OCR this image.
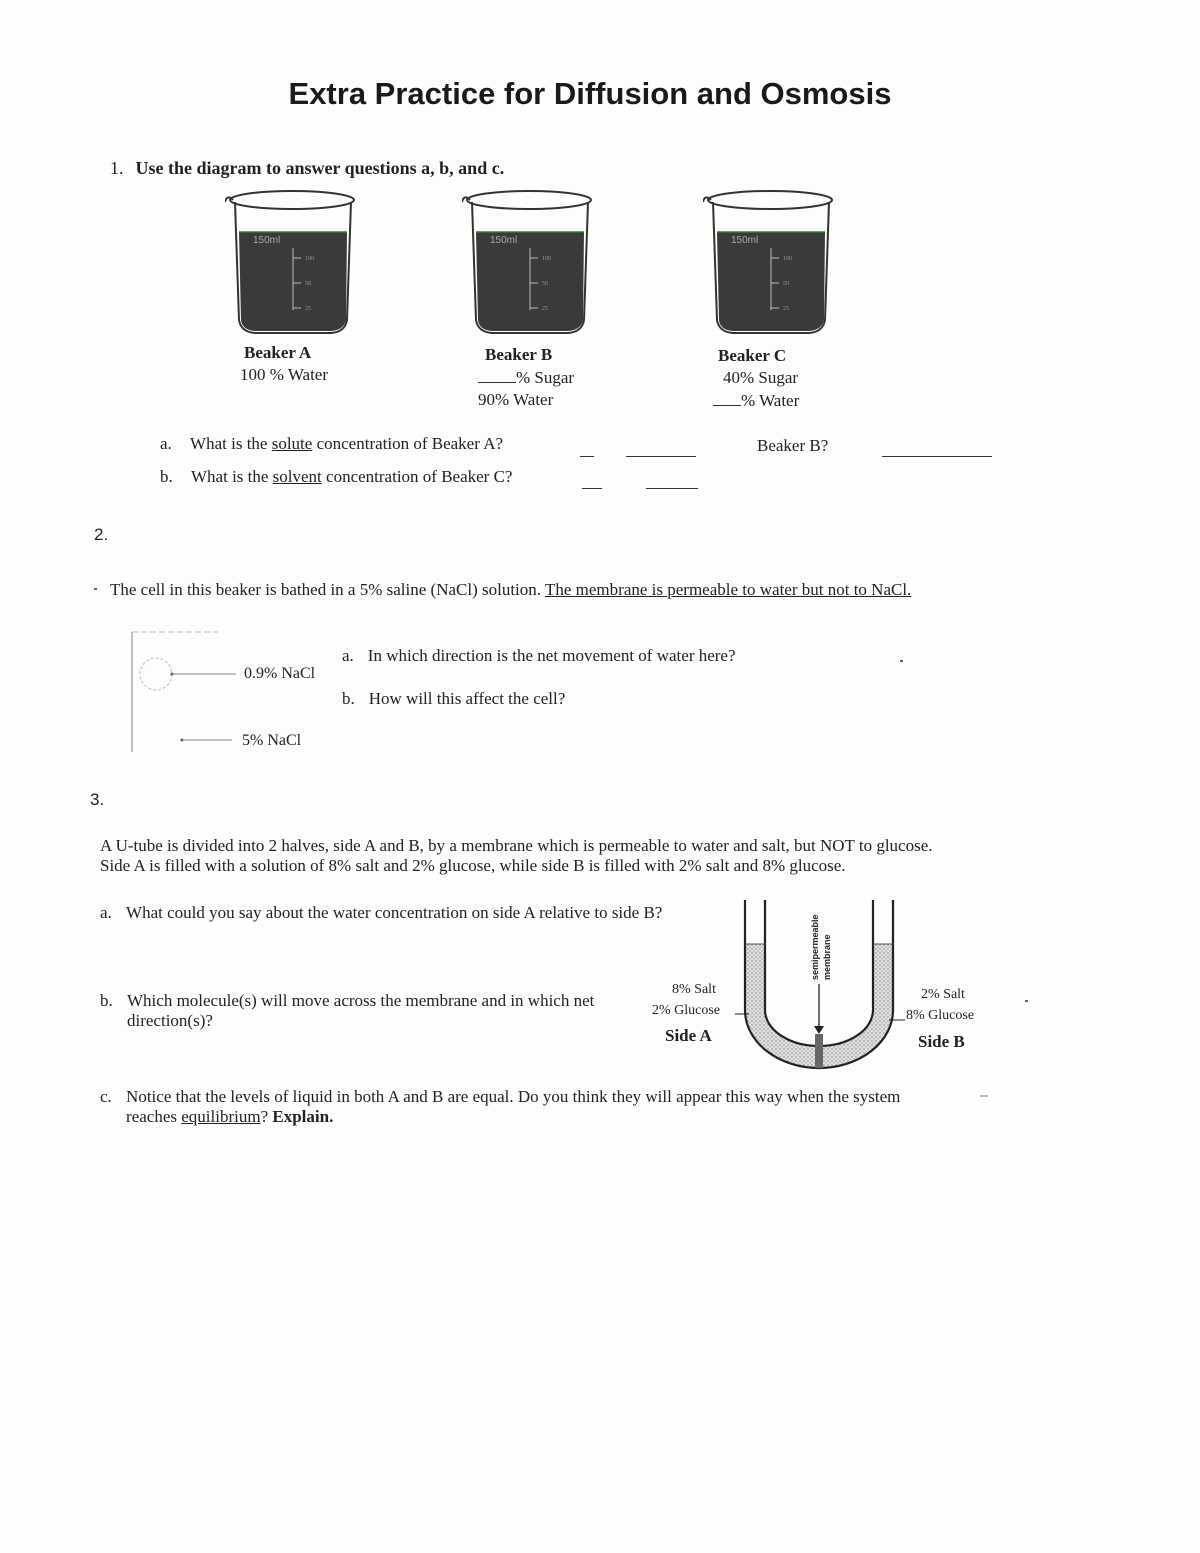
Extra Practice for Diffusion and Osmosis
1. Use the diagram to answer questions a, b, and c.
150ml
100
50
25
150ml
100
50
25
150ml
100
50
25
Beaker A
100 % Water
Beaker B
% Sugar
90% Water
Beaker C
40% Sugar
% Water
a. What is the solute concentration of Beaker A?	Beaker B?
b. What is the solvent concentration of Beaker C?
2.
The cell in this beaker is bathed in a 5% saline (NaCl) solution. The membrane is permeable to water but not to NaCl.
0.9% NaCl
5% NaCl
a. In which direction is the net movement of water here?
b. How will this affect the cell?
3.
A U-tube is divided into 2 halves, side A and B, by a membrane which is permeable to water and salt, but NOT to glucose. Side A is filled with a solution of 8% salt and 2% glucose, while side B is filled with 2% salt and 8% glucose.
a. What could you say about the water concentration on side A relative to side B?
b. Which molecule(s) will move across the membrane and in which net direction(s)?
semipermeable membrane
8% Salt
2% Glucose
Side A
2% Salt
8% Glucose
Side B
c. Notice that the levels of liquid in both A and B are equal. Do you think they will appear this way when the system reaches equilibrium? Explain.
